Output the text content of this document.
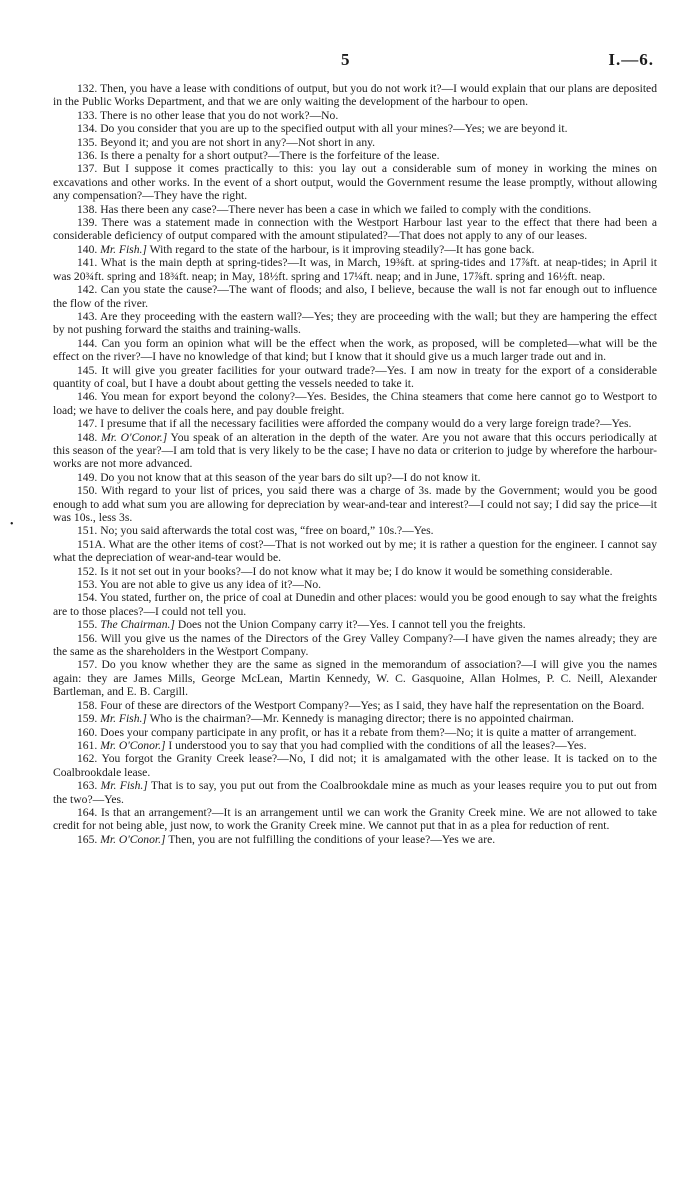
5	I.—6.
•

132. Then, you have a lease with conditions of output, but you do not work it?—I would explain that our plans are deposited in the Public Works Department, and that we are only waiting the development of the harbour to open.

133. There is no other lease that you do not work?—No.

134. Do you consider that you are up to the specified output with all your mines?—Yes; we are beyond it.

135. Beyond it; and you are not short in any?—Not short in any.

136. Is there a penalty for a short output?—There is the forfeiture of the lease.

137. But I suppose it comes practically to this: you lay out a considerable sum of money in working the mines on excavations and other works. In the event of a short output, would the Government resume the lease promptly, without allowing any compensation?—They have the right.

138. Has there been any case?—There never has been a case in which we failed to comply with the conditions.

139. There was a statement made in connection with the Westport Harbour last year to the effect that there had been a considerable deficiency of output compared with the amount stipulated?—That does not apply to any of our leases.

140. Mr. Fish.] With regard to the state of the harbour, is it improving steadily?—It has gone back.

141. What is the main depth at spring-tides?—It was, in March, 19⅜ft. at spring-tides and 17⅞ft. at neap-tides; in April it was 20¾ft. spring and 18¾ft. neap; in May, 18½ft. spring and 17¼ft. neap; and in June, 17⅞ft. spring and 16½ft. neap.

142. Can you state the cause?—The want of floods; and also, I believe, because the wall is not far enough out to influence the flow of the river.

143. Are they proceeding with the eastern wall?—Yes; they are proceeding with the wall; but they are hampering the effect by not pushing forward the staiths and training-walls.

144. Can you form an opinion what will be the effect when the work, as proposed, will be completed—what will be the effect on the river?—I have no knowledge of that kind; but I know that it should give us a much larger trade out and in.

145. It will give you greater facilities for your outward trade?—Yes. I am now in treaty for the export of a considerable quantity of coal, but I have a doubt about getting the vessels needed to take it.

146. You mean for export beyond the colony?—Yes. Besides, the China steamers that come here cannot go to Westport to load; we have to deliver the coals here, and pay double freight.

147. I presume that if all the necessary facilities were afforded the company would do a very large foreign trade?—Yes.

148. Mr. O'Conor.] You speak of an alteration in the depth of the water. Are you not aware that this occurs periodically at this season of the year?—I am told that is very likely to be the case; I have no data or criterion to judge by whereforе the harbour-works are not more advanced.

149. Do you not know that at this season of the year bars do silt up?—I do not know it.

150. With regard to your list of prices, you said there was a charge of 3s. made by the Government; would you be good enough to add what sum you are allowing for depreciation by wear-and-tear and interest?—I could not say; I did say the price—it was 10s., less 3s.

151. No; you said afterwards the total cost was, “free on board,” 10s.?—Yes.

151A. What are the other items of cost?—That is not worked out by me; it is rather a question for the engineer. I cannot say what the depreciation of wear-and-tear would be.

152. Is it not set out in your books?—I do not know what it may be; I do know it would be something considerable.

153. You are not able to give us any idea of it?—No.

154. You stated, further on, the price of coal at Dunedin and other places: would you be good enough to say what the freights are to those places?—I could not tell you.

155. The Chairman.] Does not the Union Company carry it?—Yes. I cannot tell you the freights.

156. Will you give us the names of the Directors of the Grey Valley Company?—I have given the names already; they are the same as the shareholders in the Westport Company.

157. Do you know whether they are the same as signed in the memorandum of association?—I will give you the names again: they are James Mills, George McLean, Martin Kennedy, W. C. Gasquoine, Allan Holmes, P. C. Neill, Alexander Bartleman, and E. B. Cargill.

158. Four of these are directors of the Westport Company?—Yes; as I said, they have half the representation on the Board.

159. Mr. Fish.] Who is the chairman?—Mr. Kennedy is managing director; there is no appointed chairman.

160. Does your company participate in any profit, or has it a rebate from them?—No; it is quite a matter of arrangement.

161. Mr. O'Conor.] I understood you to say that you had complied with the conditions of all the leases?—Yes.

162. You forgot the Granity Creek lease?—No, I did not; it is amalgamated with the other lease. It is tacked on to the Coalbrookdale lease.

163. Mr. Fish.] That is to say, you put out from the Coalbrookdale mine as much as your leases require you to put out from the two?—Yes.

164. Is that an arrangement?—It is an arrangement until we can work the Granity Creek mine. We are not allowed to take credit for not being able, just now, to work the Granity Creek mine. We cannot put that in as a plea for reduction of rent.

165. Mr. O'Conor.] Then, you are not fulfilling the conditions of your lease?—Yes we are.
